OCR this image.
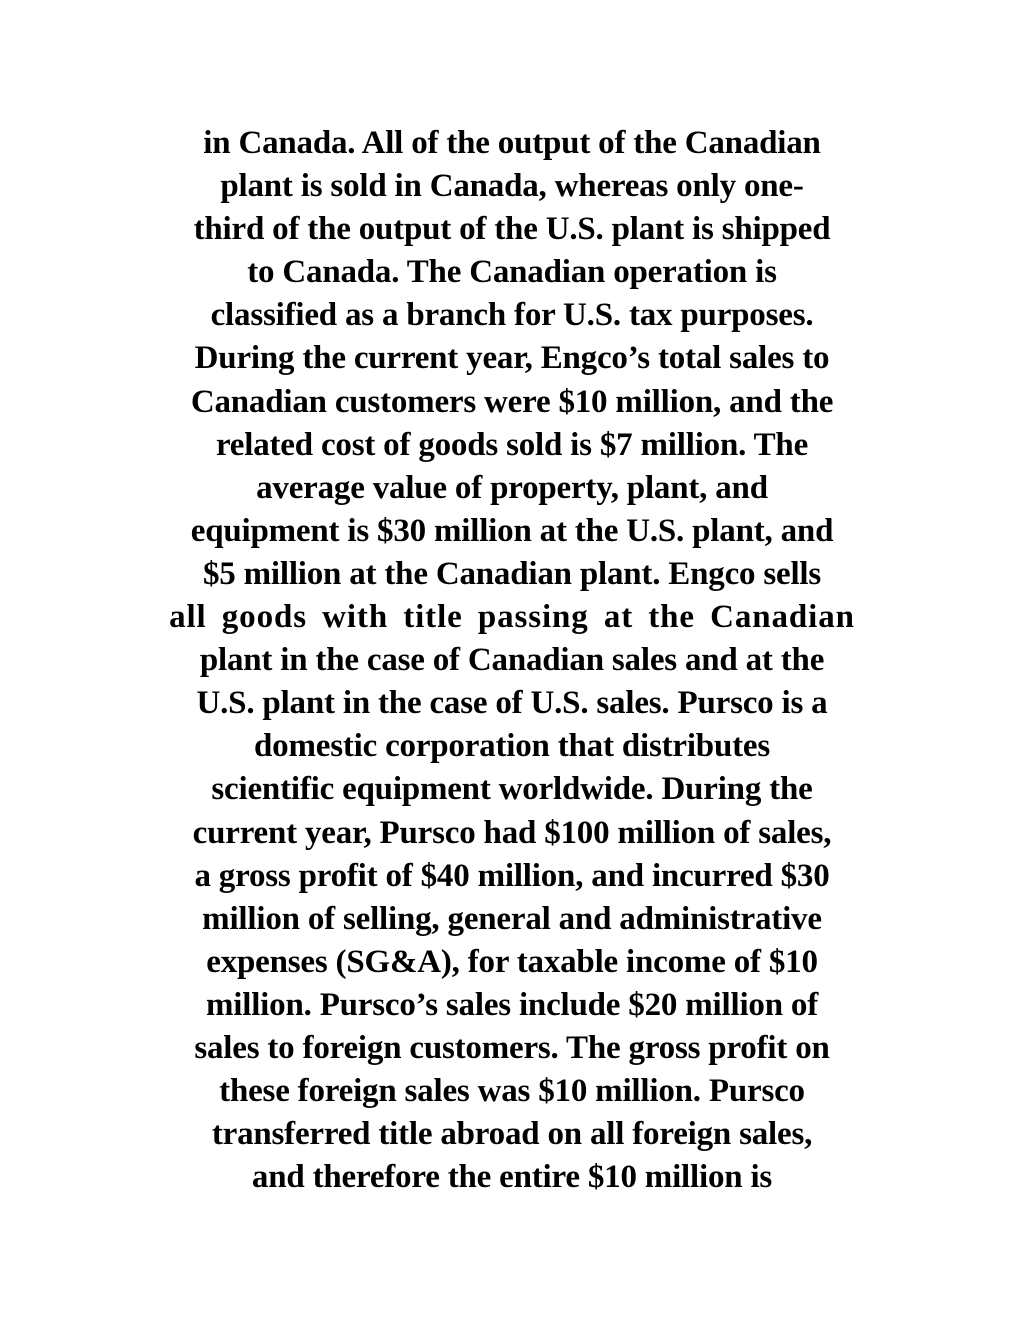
in Canada. All of the output of the Canadian
plant is sold in Canada, whereas only one-
third of the output of the U.S. plant is shipped
to Canada. The Canadian operation is
classified as a branch for U.S. tax purposes.
During the current year, Engco’s total sales to
Canadian customers were $10 million, and the
related cost of goods sold is $7 million. The
average value of property, plant, and
equipment is $30 million at the U.S. plant, and
$5 million at the Canadian plant. Engco sells
all goods with title passing at the Canadian
plant in the case of Canadian sales and at the
U.S. plant in the case of U.S. sales. Pursco is a
domestic corporation that distributes
scientific equipment worldwide. During the
current year, Pursco had $100 million of sales,
a gross profit of $40 million, and incurred $30
million of selling, general and administrative
expenses (SG&A), for taxable income of $10
million. Pursco’s sales include $20 million of
sales to foreign customers. The gross profit on
these foreign sales was $10 million. Pursco
transferred title abroad on all foreign sales,
and therefore the entire $10 million is
